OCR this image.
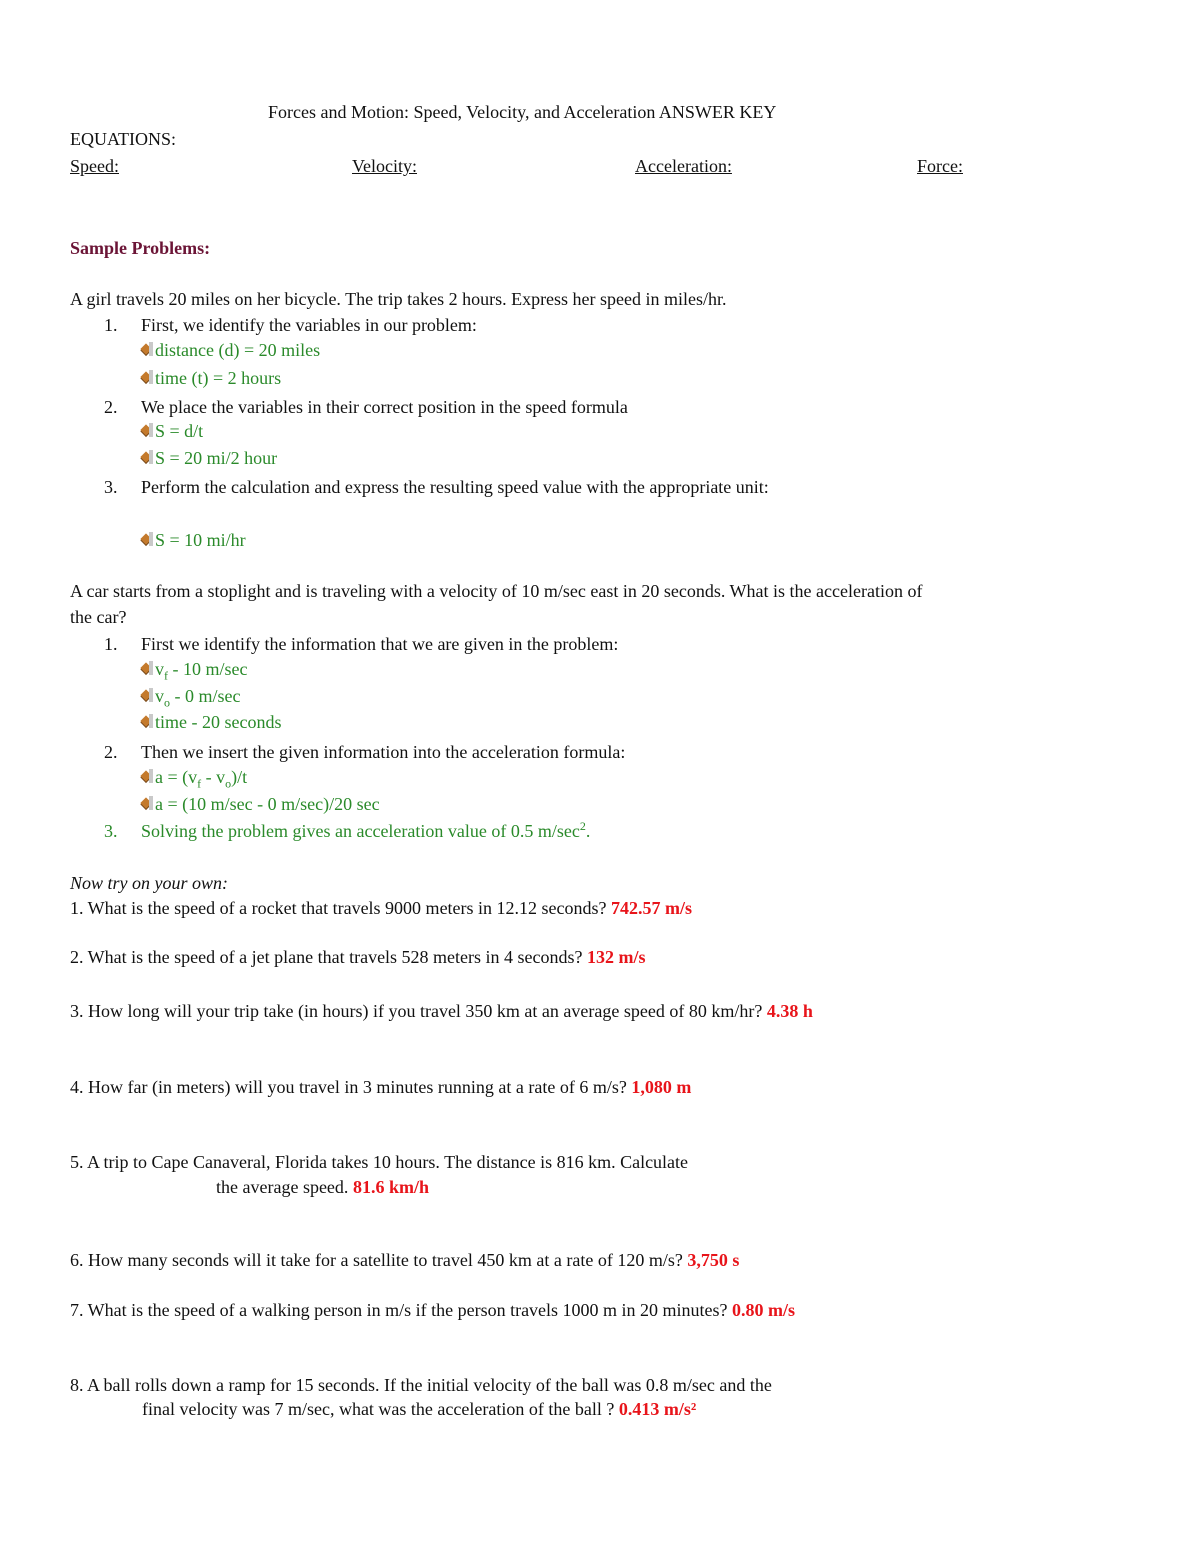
Forces and Motion: Speed, Velocity, and Acceleration ANSWER KEY
EQUATIONS:
Speed:	Velocity:	Acceleration:	Force:
Sample Problems:
A girl travels 20 miles on her bicycle. The trip takes 2 hours. Express her speed in miles/hr.
1. First, we identify the variables in our problem:
distance (d) = 20 miles
time (t) = 2 hours
2. We place the variables in their correct position in the speed formula
S = d/t
S = 20 mi/2 hour
3. Perform the calculation and express the resulting speed value with the appropriate unit:
S = 10 mi/hr
A car starts from a stoplight and is traveling with a velocity of 10 m/sec east in 20 seconds. What is the acceleration of
the car?
1. First we identify the information that we are given in the problem:
$v_f - 10$ m/sec
$v_o - 0$ m/sec
time - 20 seconds
2. Then we insert the given information into the acceleration formula:
$a = (v_f - v_o)/t$
a = (10 m/sec - 0 m/sec)/20 sec
3. Solving the problem gives an acceleration value of 0.5 $m/\sec^2$.
Now try on your own:
1. What is the speed of a rocket that travels 9000 meters in 12.12 seconds? 742.57 m/s
2. What is the speed of a jet plane that travels 528 meters in 4 seconds? 132 m/s
3. How long will your trip take (in hours) if you travel 350 km at an average speed of 80 km/hr? 4.38 h
4. How far (in meters) will you travel in 3 minutes running at a rate of 6 m/s? 1,080 m
5. A trip to Cape Canaveral, Florida takes 10 hours. The distance is 816 km. Calculate
the average speed. 81.6 km/h
6. How many seconds will it take for a satellite to travel 450 km at a rate of 120 m/s? 3,750 s
7. What is the speed of a walking person in m/s if the person travels 1000 m in 20 minutes? 0.80 m/s
8. A ball rolls down a ramp for 15 seconds. If the initial velocity of the ball was 0.8 m/sec and the
final velocity was 7 m/sec, what was the acceleration of the ball ? 0.413 m/s²
